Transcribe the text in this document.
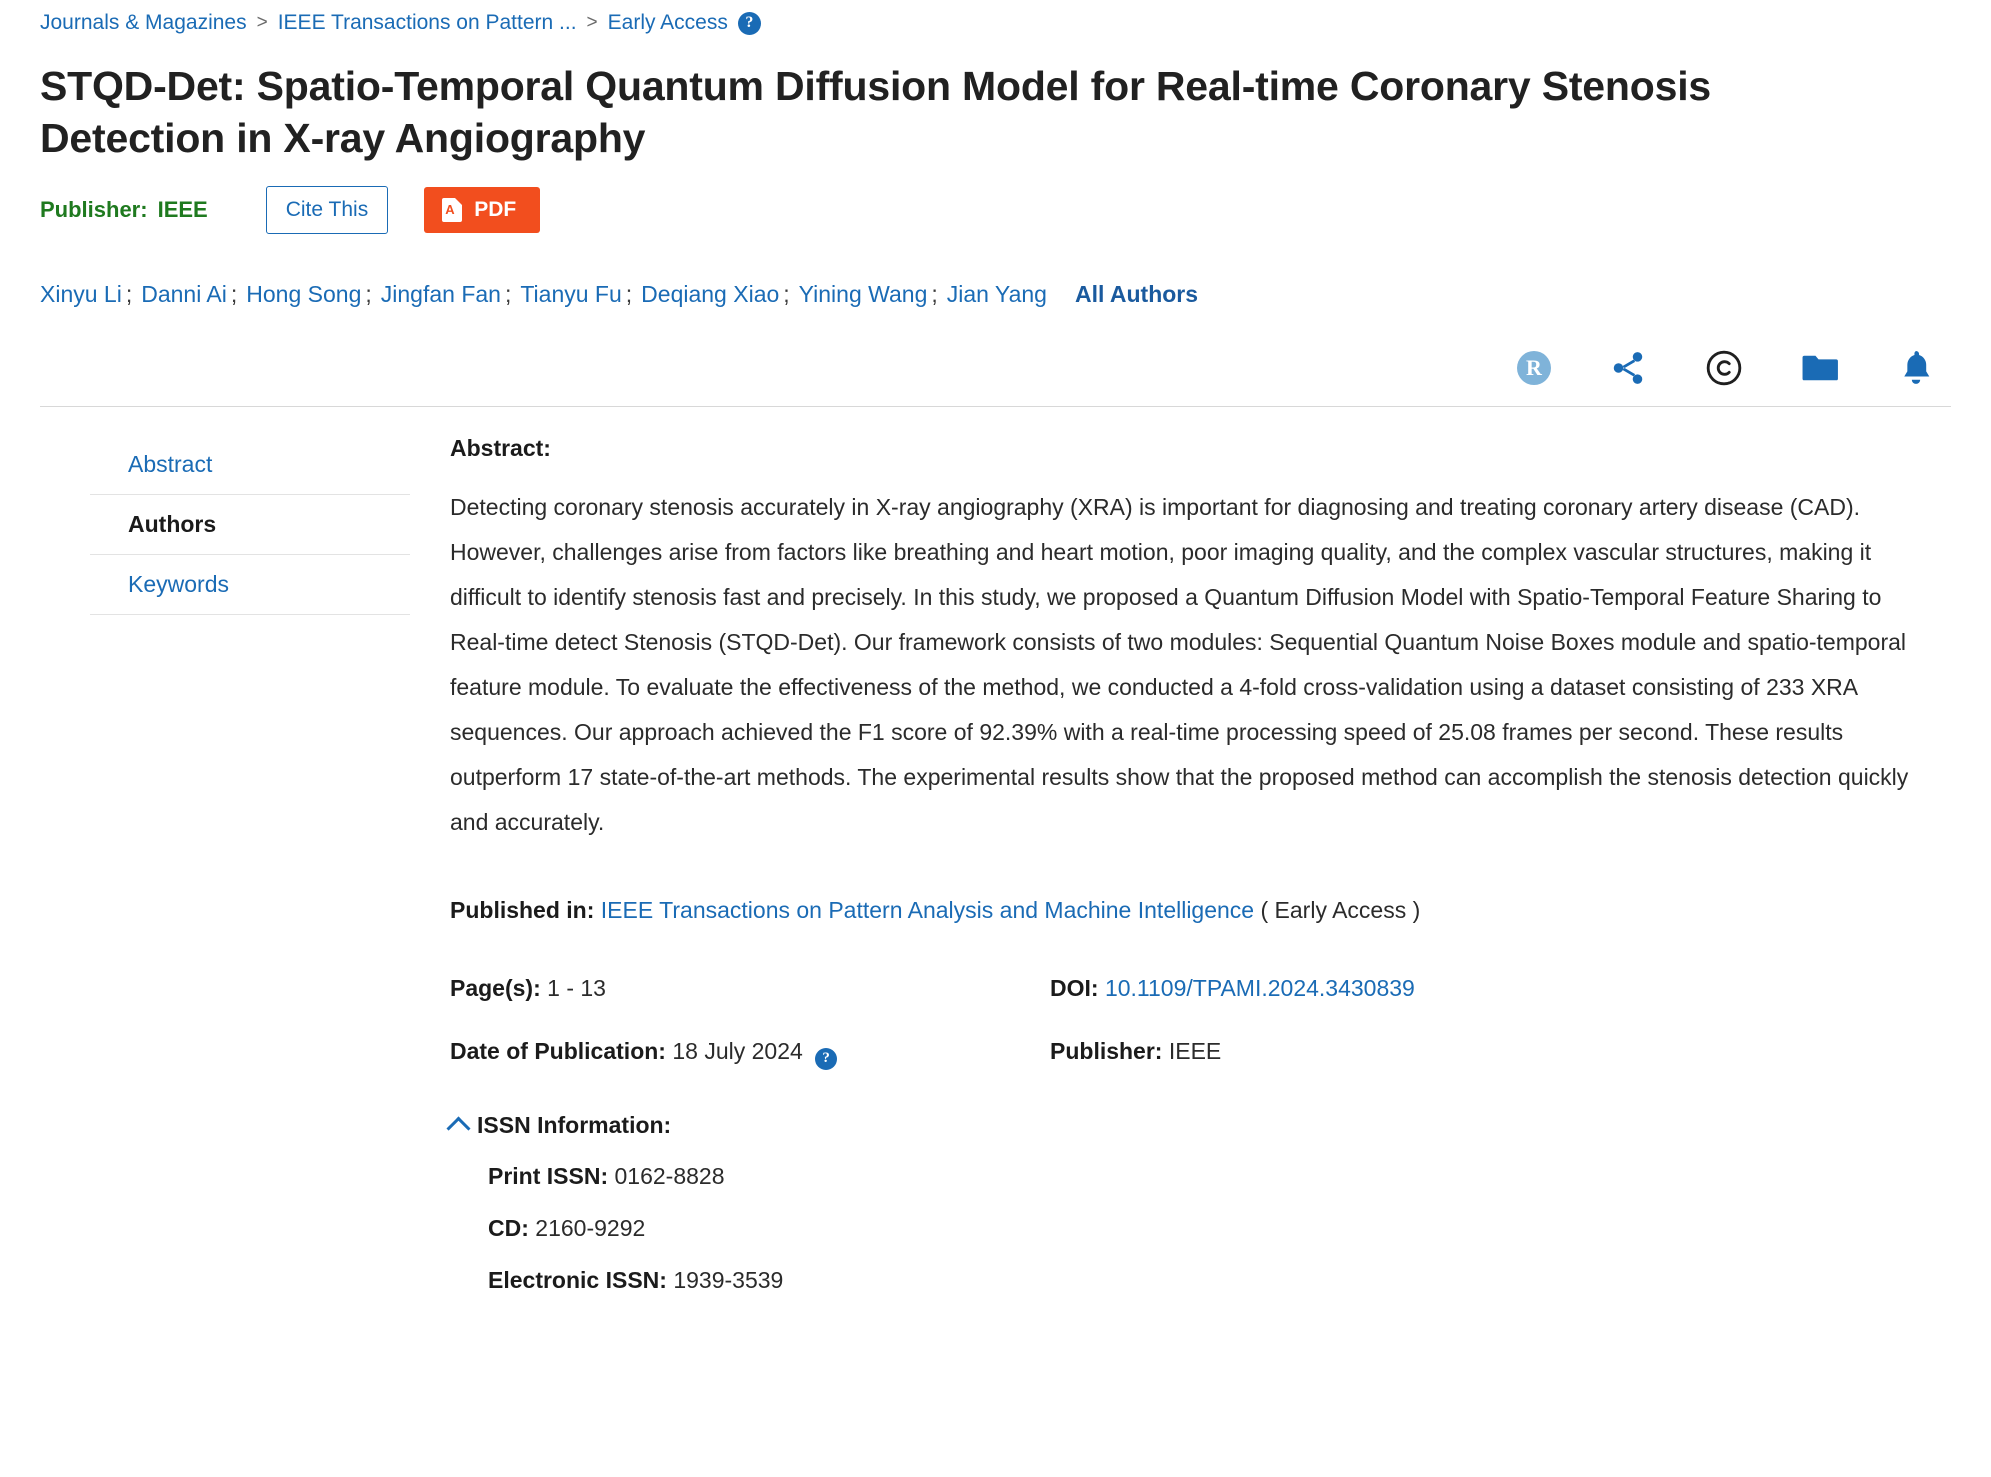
Journals & Magazines > IEEE Transactions on Pattern ... > Early Access	?
STQD-Det: Spatio-Temporal Quantum Diffusion Model for Real-time Coronary Stenosis Detection in X-ray Angiography
Publisher: IEEE	Cite This A	PDF
Xinyu Li ; Danni Ai ; Hong Song ; Jingfan Fan ; Tianyu Fu ; Deqiang Xiao ; Yining Wang ; Jian Yang All Authors
R
Abstract
Authors
Keywords
Abstract:

Detecting coronary stenosis accurately in X-ray angiography (XRA) is important for diagnosing and treating coronary artery disease (CAD). However, challenges arise from factors like breathing and heart motion, poor imaging quality, and the complex vascular structures, making it difficult to identify stenosis fast and precisely. In this study, we proposed a Quantum Diffusion Model with Spatio-Temporal Feature Sharing to Real-time detect Stenosis (STQD-Det). Our framework consists of two modules: Sequential Quantum Noise Boxes module and spatio-temporal feature module. To evaluate the effectiveness of the method, we conducted a 4-fold cross-validation using a dataset consisting of 233 XRA sequences. Our approach achieved the F1 score of 92.39% with a real-time processing speed of 25.08 frames per second. These results outperform 17 state-of-the-art methods. The experimental results show that the proposed method can accomplish the stenosis detection quickly and accurately.

Published in: IEEE Transactions on Pattern Analysis and Machine Intelligence ( Early Access )
Page(s): 1 - 13	DOI: 10.1109/TPAMI.2024.3430839
Date of Publication: 18 July 2024 ?	Publisher: IEEE
ISSN Information:
Print ISSN: 0162-8828
CD: 2160-9292
Electronic ISSN: 1939-3539
